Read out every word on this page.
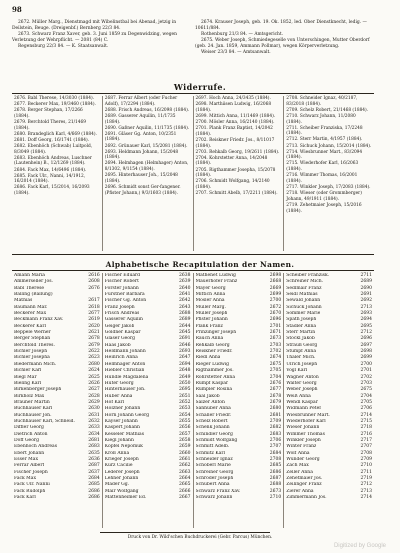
98

2672. Müller Marg., Dienstmagd mit Wibelinstbal bei Abenad, jetzig in Deilstein, Beuge. (Dreigenbf.) Bernberg 22/3 84.

2673. Schwarz Franz Xaver, geb. 3. Juni 1859 zu Degenwidzing, wegen Verletzung der Wehrpflicht. — 2081 (84) C.

Regensburg 22/3 84. — K. Staatsanwalt.

2674. Krauser Joseph, geb. 19. Ok. 1852, led. Ober Dienstknecht, ledig. — 10611/884.

Rothenburg 21/3 84. — Amtsgericht.

2675. Weber Joseph, Schmiedegeselle von Unterschingen, Mutter Oberdorf (geb. 24. Jan. 1859, Ammann Pollmar), wegen Körperverletzung.

Weiser 23/3 84. — Amtsanwalt.

Widerrufe.

2676. Babl Therese, 14/3030 (1884).

2677. Beckerer Max, 19/3460 (1884).

2678. Berger Stephan, 17/2266 (1884).

2679. Berchtold Theres, 21/1469 (1884).

2680. Brandeglich Karl, 4/669 (1884).

2681. Doff Georg, 16/1741 (1884).

2682. Ebenhöch (Schwab) Luitpold, 8/3049 (1884).

2683. Ebenhöch Andreas, Luschner (Lautenhein) B., 12/1269 (1884).

2684. Fack Max, 14/6496 (1884).

2685. Fack Ulr., Nanni, 14/1912, 16/2014 (1884).

2686. Fack Karl, 15/2014, 16/2093 (1884).

2687. Ferrar Albert (oder Fucher Adolf), 17/2294 (1884).

2688. Frisch Andreas, 16/2098 (1884).

2689. Gasserer Aquilin, 11/1735 (1884).

2690. Gaßner Aquilin, 11/1735 (1884).

2691. Gläser Gg. Anton, 10/2351 (1884).

2692. Grünauer Karl, 15/2081 (1884).

2693. Heldmann Johann, 15/2048 (1884).

2694. Helmhagen (Helmhager) Anton, 8/1302, 9/1154 (1884).

2695. Hinterhauser Joh., 15/2048 (1884).

2696. Schmidt sonst Ger-fangener. (Pfister Johann,) 9/3/1603 (1884).

2697. Hoch Anna, 24/3435 (1884).

2698. Marthiisen Ludwig, 16/2068 (1884).

2699. Mittich Anna, 11/1469 (1884).

2700. Mösler Anna, 16/2140 (1884).

2701. Plank Franz Baptist, 14/2042 (1884).

2702. Reiskner Friedr. Jos., 8/11017 (1884).

2703. Rehkalb Georg, 19/2611 (1884).

2704. Kohrstetter Anna, 14/2048 (1884).

2705. Rigthammer Josepha, 15/2078 (1884).

2706. Schmidt Wolfgang, 14/2140 (1884).

2707. Schmitt Abelb, 17/2211 (1884).

2708. Schneider Ignaz, 40/2187, 83/2018 (1884).

2709. Schelz Robert, 21/1468 (1884).

2710. Schwarz Johann, 11/2080 (1884).

2711. Scheiber Franziska, 17/2248 (1884).

2712. Sterr Martin, 4/1957 (1884).

2713. Sichuck Johann, 15/2014 (1884).

2714. Wiesbrunner Mart., 83/2094 (1884).

2715. Wiederhofer Karl, 16/2063 (1884).

2716. Wimmer Thomas, 16/2001 (1884).

2717. Winkler Joseph, 17/2083 (1884).

2718. Wieser (oder Grommberger) Johann, 49/1911 (1884).

2719. Zehetmaier Joseph, 15/2016 (1884).

Alphabetische Recapitulation der Namen.
Amann Maria	2616
Ammerseller Jos.	2608
Babl Therese	2676
Balling (Ballüng)
Mathias	2617
Baumann Mar.	2618
Beckerer Max	2677
Beckmann Franz Xav.	2619
Beckerer Karl	2620
Beppele Werner	2621
Berger Stephan	2678
Berchtold Theres.	2679
Bichler Joseph	2622
Bichler Josepha	2623
Biedermann Mich.	2680
Bichler Karl	2624
Biegl Mar	2625
Bieling Karl	2626
Birkenberger Joseph	2627
Birkholz Max	2628
Brauner Martin	2629
Buchhauser Karl	2630
Buchhauser Joh.	2631
Buchhauser Karl, Schneid.	2632
Diffler Georg	2633
Dietrich Anton	2634
Doff Georg	2681
Ebenhöch Andreas	2683
Ebert Johann	2635
Esser Max	2636
Ferrar Albert	2687
Fischer Joseph	2637
Fack Max	2684
Fack Ulr. Nanni	2685
Fack Rudolph	2686
Fack Karl	2686
Fischer Eduard	2638
Fischer Robert	2639
Förster Johann	2640
Fürstner Barbara	2641
Fischer Gg. Anton	2642
Franz Joseph	2643
Frisch Andreas	2688
Gasserer Aquilin	2689
Geiger Jakob	2644
Goldner Kaspar	2645
Gläser Georg	2691
Haas Jakob	2646
Heldmann Johann	2693
Heinrich Anna	2647
Helmhager Anton	2694
Hiebler Christian	2648
Hundle Magdalena	2649
Huter Georg	2650
Hinterhauser Joh.	2695
Huber Anna	2651
Hof Karl	2652
Holzner Johann	2653
Horn Johann Georg	2654
Kayser Johann	2655
Kaspert Johann	2656
Kesseler Mathias	2657
Kiegl Johann	2658
Köpfel Nepomuk	2659
Kroß Anna	2660
Krieger Joseph	2661
Kurz Cäcilie	2662
Lederer Joseph	2663
Lehner Johann	2664
Mader Gg.	2665
Mair Wolfgang	2666
Mattenheimer Ed.	2667
Mathenet Ludwig	2698
Mauerhöfer Franz	2668
Mayer Georg	2669
Mittich Anna	2699
Mösler Anna	2700
Müller Marg.	2672
Müller Joseph	2670
Pfister Johann	2696
Plank Franz	2701
Prinzinger Joseph	2671
Rauch Anna	2673
Rehkalb Georg	2703
Reiskner Friedr.	2702
Riedl Anna	2674
Rieger Ludwig	2675
Rigthammer Jos.	2705
Rohrstetter Anna	2704
Rumpf Kaspar	2676
Rumpler Rosina	2677
Saal Jakob	2678
Salzer Anton	2679
Sanhuber Anna	2680
Schaller Friedr.	2681
Schelz Robert	2709
Schenk Johann	2682
Schindler Georg	2683
Schmidt Wolfgang	2706
Schmitt Adelb.	2707
Schmitz Karl	2684
Schneider Ignaz	2708
Schöberl Marie	2685
Schreiner Georg	2686
Schröder Joseph	2687
Schubert Anna	2688
Schwarz Franz Xav.	2673
Schwarz Johann	2710
Scheiber Franzisk.	2711
Schreiner Mich.	2689
Sedlmair Franz	2690
Seidl Mathias	2691
Sewald Johann	2692
Sichuck Johann	2713
Sommer Marie	2693
Späth Joseph	2694
Stadler Anna	2695
Sterr Martin	2712
Stöckl Jakob	2696
Strauß Georg	2697
Stumpf Anna	2698
Thaler Mich.	2699
Ulrich Joseph	2700
Vogl Karl	2701
Wagner Anton	2702
Walter Georg	2703
Weber Joseph	2675
Weiß Anna	2704
Wendl Kaspar	2705
Widmann Peter	2706
Wiesbrunner Mart.	2714
Wiederhofer Karl	2715
Wieser Johann	2718
Wimmer Thomas	2716
Winkler Joseph	2717
Winter Franz	2707
Wolf Anna	2708
Wunder Georg	2709
Zach Max	2710
Zeller Anna	2711
Zehetmaier Jos.	2719
Zeilinger Franz	2712
Zierer Anna	2713
Zimmermann Jos.	2714
Druck von Dr. Wild'schen Buchdruckerei (Gebr. Parcus) München.
Digitized by Google
